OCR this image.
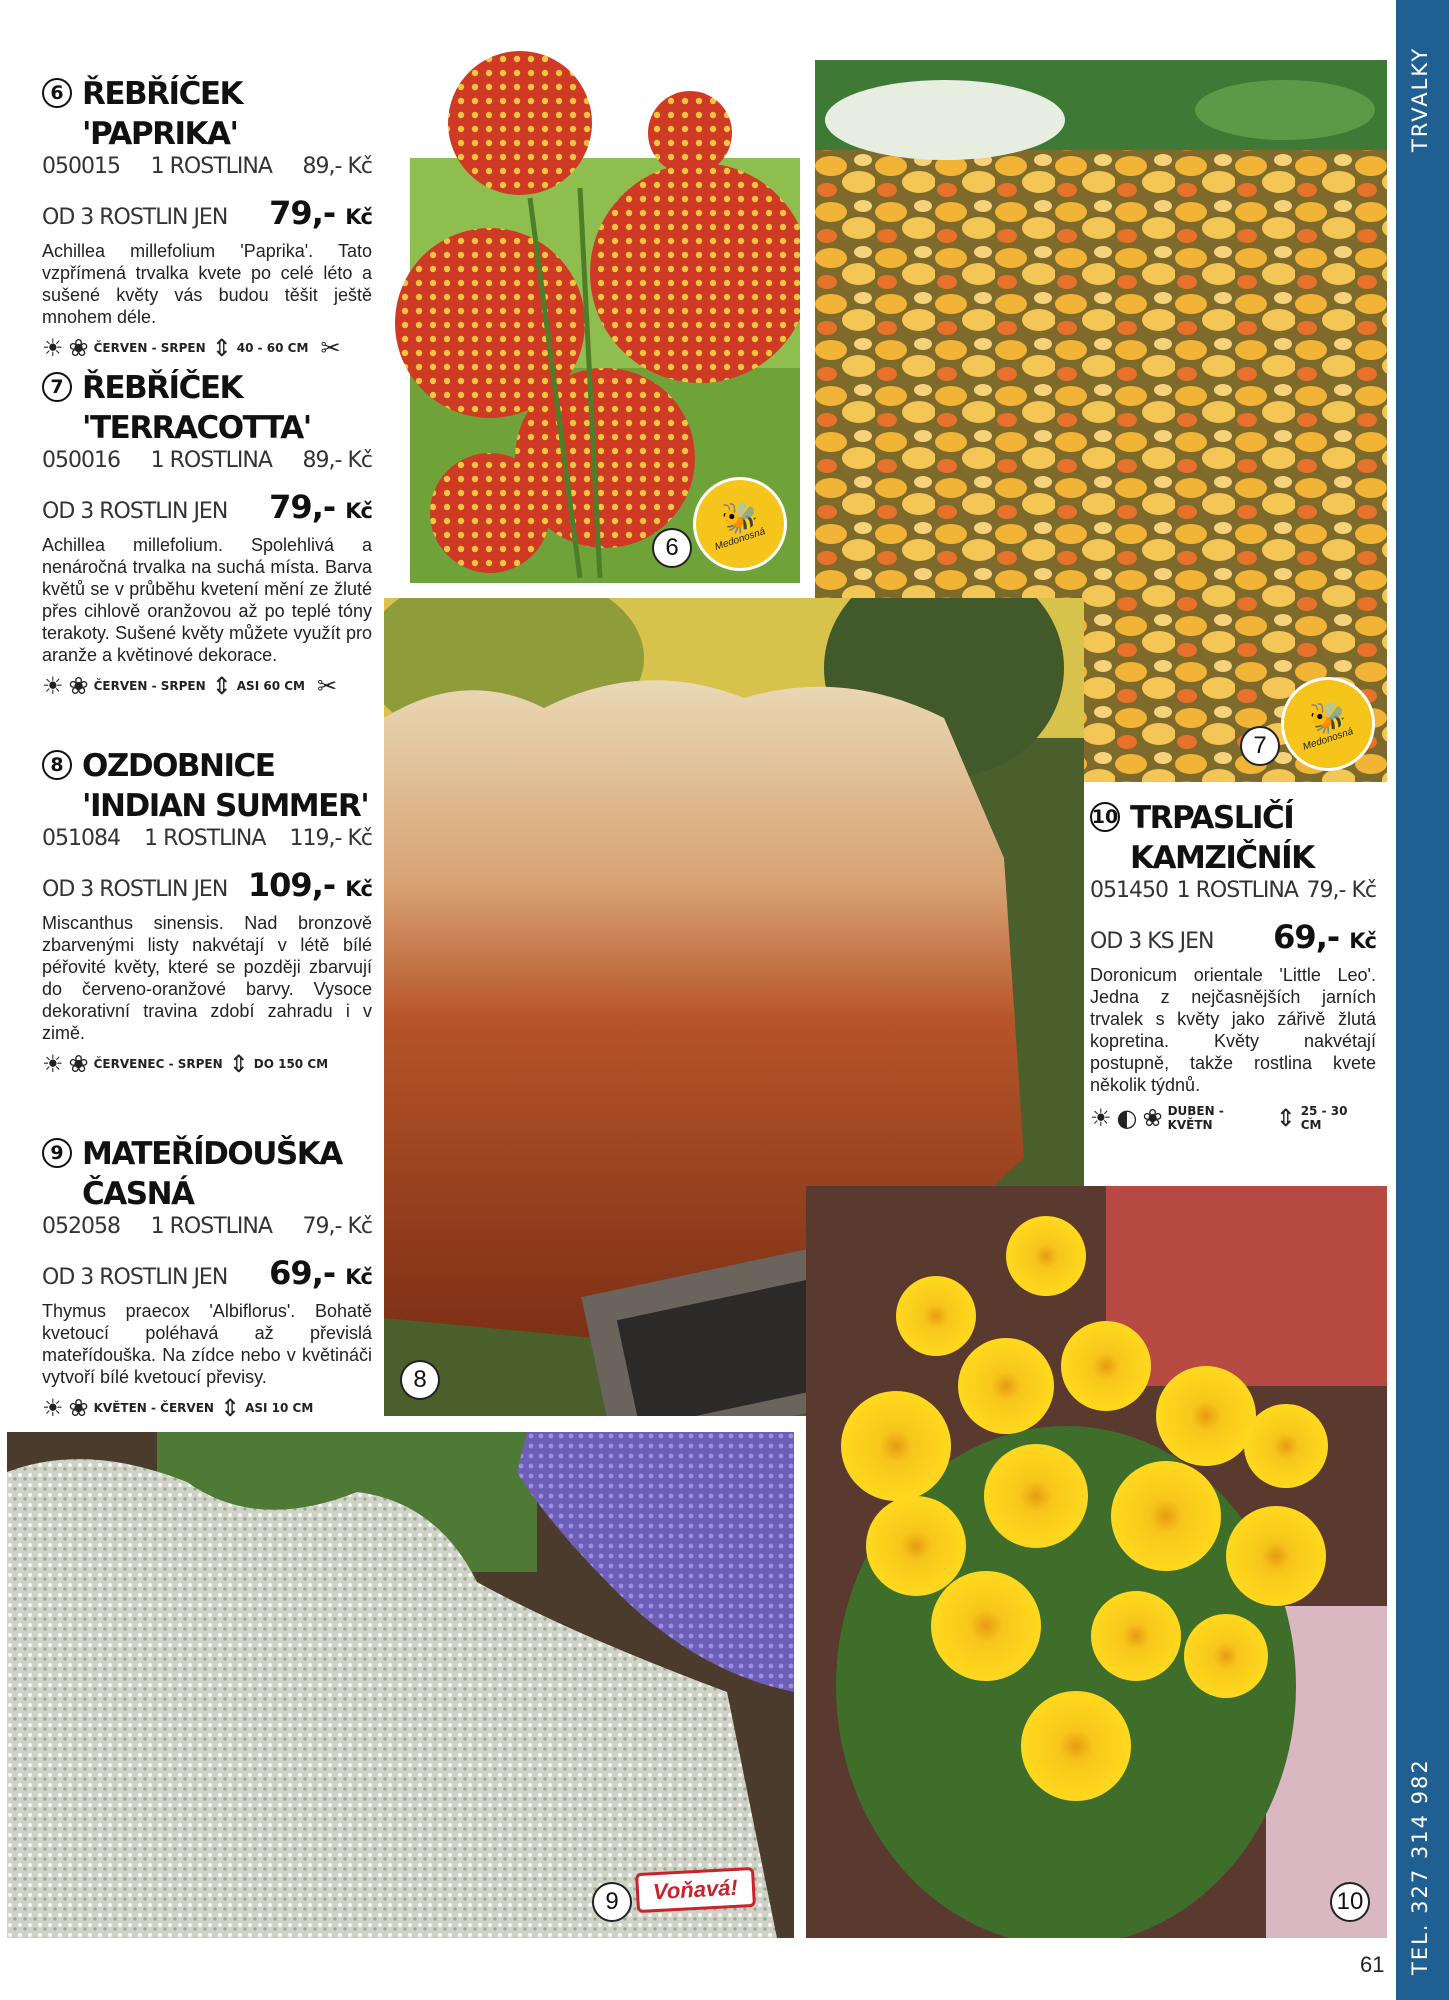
TRVALKY
TEL. 327 314 982
61
🐝
Medonosná
6
🐝
Medonosná
7
8
9	Voňavá!	10
6 ŘEBŘÍČEK 'PAPRIKA'
050015 1 ROSTLINA 89,- Kč
OD 3 ROSTLIN JEN 79,- Kč
Achillea millefolium 'Paprika'. Tato vzpřímená trvalka kvete po celé léto a sušené květy vás budou těšit ještě mnohem déle.
☀ ❀ ČERVEN - SRPEN ⇕ 40 - 60 CM ✂
7 ŘEBŘÍČEK 'TERRACOTTA'
050016 1 ROSTLINA 89,- Kč
OD 3 ROSTLIN JEN 79,- Kč
Achillea millefolium. Spolehlivá a nenáročná trvalka na suchá místa. Barva květů se v průběhu kvetení mění ze žluté přes cihlově oranžovou až po teplé tóny terakoty. Sušené květy můžete využít pro aranže a květinové dekorace.
☀ ❀ ČERVEN - SRPEN ⇕ ASI 60 CM ✂
8 OZDOBNICE 'INDIAN SUMMER'
051084 1 ROSTLINA 119,- Kč
OD 3 ROSTLIN JEN 109,- Kč
Miscanthus sinensis. Nad bronzově zbarvenými listy nakvétají v létě bílé péřovité květy, které se později zbarvují do červeno-oranžové barvy. Vysoce dekorativní travina zdobí zahradu i v zimě.
☀ ❀ ČERVENEC - SRPEN ⇕ DO 150 CM
9 MATEŘÍDOUŠKA ČASNÁ
052058 1 ROSTLINA 79,- Kč
OD 3 ROSTLIN JEN 69,- Kč
Thymus praecox 'Albiflorus'. Bohatě kvetoucí poléhavá až převislá mateřídouška. Na zídce nebo v květináči vytvoří bílé kvetoucí převisy.
☀ ❀ KVĚTEN - ČERVEN ⇕ ASI 10 CM
10 TRPASLIČÍ KAMZIČNÍK
051450 1 ROSTLINA 79,- Kč
OD 3 KS JEN 69,- Kč
Doronicum orientale 'Little Leo'. Jedna z nejčasnějších jarních trvalek s květy jako zářivě žlutá kopretina. Květy nakvétají postupně, takže rostlina kvete několik týdnů.
☀ ◐ ❀ DUBEN - KVĚTN	⇕ 25 - 30 CM
